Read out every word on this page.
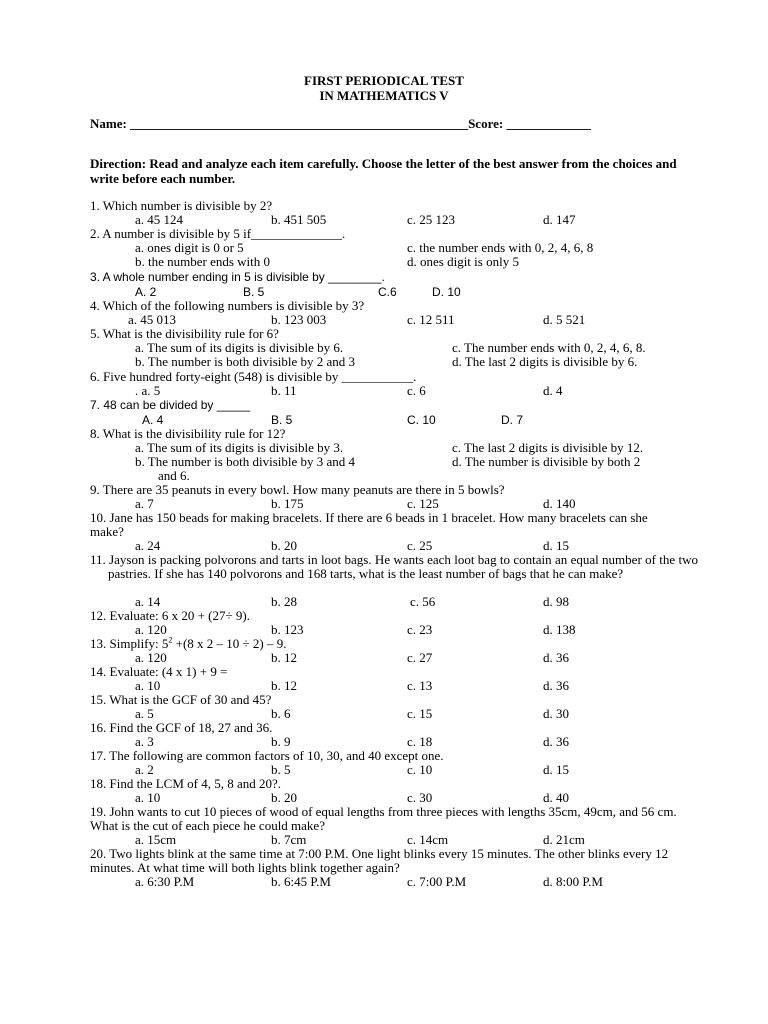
FIRST PERIODICAL TEST
IN MATHEMATICS V
Name: ____________________________________________________Score: _____________
Direction: Read and analyze each item carefully. Choose the letter of the best answer from the choices and write before each number.
1. Which number is divisible by 2?
a. 45 124	b. 451 505	c. 25 123	d. 147
2. A number is divisible by 5 if______________.
a. ones digit is 0 or 5	c. the number ends with 0, 2, 4, 6, 8
b. the number ends with 0	d. ones digit is only 5
3. A whole number ending in 5 is divisible by ________.
A. 2	B. 5	C.6	D. 10
4. Which of the following numbers is divisible by 3?
a. 45 013	b. 123 003	c. 12 511	d. 5 521
5. What is the divisibility rule for 6?
a. The sum of its digits is divisible by 6.	c. The number ends with 0, 2, 4, 6, 8.
b. The number is both divisible by 2 and 3	d. The last 2 digits is divisible by 6.
6. Five hundred forty-eight (548) is divisible by ___________.
. a. 5	b. 11	c. 6	d. 4
7. 48 can be divided by _____
A. 4	B. 5	C. 10	D. 7
8. What is the divisibility rule for 12?
a. The sum of its digits is divisible by 3.	c. The last 2 digits is divisible by 12.
b. The number is both divisible by 3 and 4	d. The number is divisible by both 2
and 6.
9. There are 35 peanuts in every bowl. How many peanuts are there in 5 bowls?
a. 7	b. 175	c. 125	d. 140
10. Jane has 150 beads for making bracelets. If there are 6 beads in 1 bracelet. How many bracelets can she make?
a. 24	b. 20	c. 25	d. 15
11. Jayson is packing polvorons and tarts in loot bags. He wants each loot bag to contain an equal number of the two pastries. If she has 140 polvorons and 168 tarts, what is the least number of bags that he can make?
a. 14	b. 28	c. 56	d. 98
12. Evaluate: 6 x 20 + (27÷ 9).
a. 120	b. 123	c. 23	d. 138
13. Simplify: $5^2 +(8$ x 2 – 10 ÷ 2) – 9.
a. 120	b. 12	c. 27	d. 36
14. Evaluate: (4 x 1) + 9 =
a. 10	b. 12	c. 13	d. 36
15. What is the GCF of 30 and 45?
a. 5	b. 6	c. 15	d. 30
16. Find the GCF of 18, 27 and 36.
a. 3	b. 9	c. 18	d. 36
17. The following are common factors of 10, 30, and 40 except one.
a. 2	b. 5	c. 10	d. 15
18. Find the LCM of 4, 5, 8 and 20?.
a. 10	b. 20	c. 30	d. 40
19. John wants to cut 10 pieces of wood of equal lengths from three pieces with lengths 35cm, 49cm, and 56 cm. What is the cut of each piece he could make?
a. 15cm	b. 7cm	c. 14cm	d. 21cm
20. Two lights blink at the same time at 7:00 P.M. One light blinks every 15 minutes. The other blinks every 12 minutes. At what time will both lights blink together again?
a. 6:30 P.M	b. 6:45 P.M	c. 7:00 P.M	d. 8:00 P.M
